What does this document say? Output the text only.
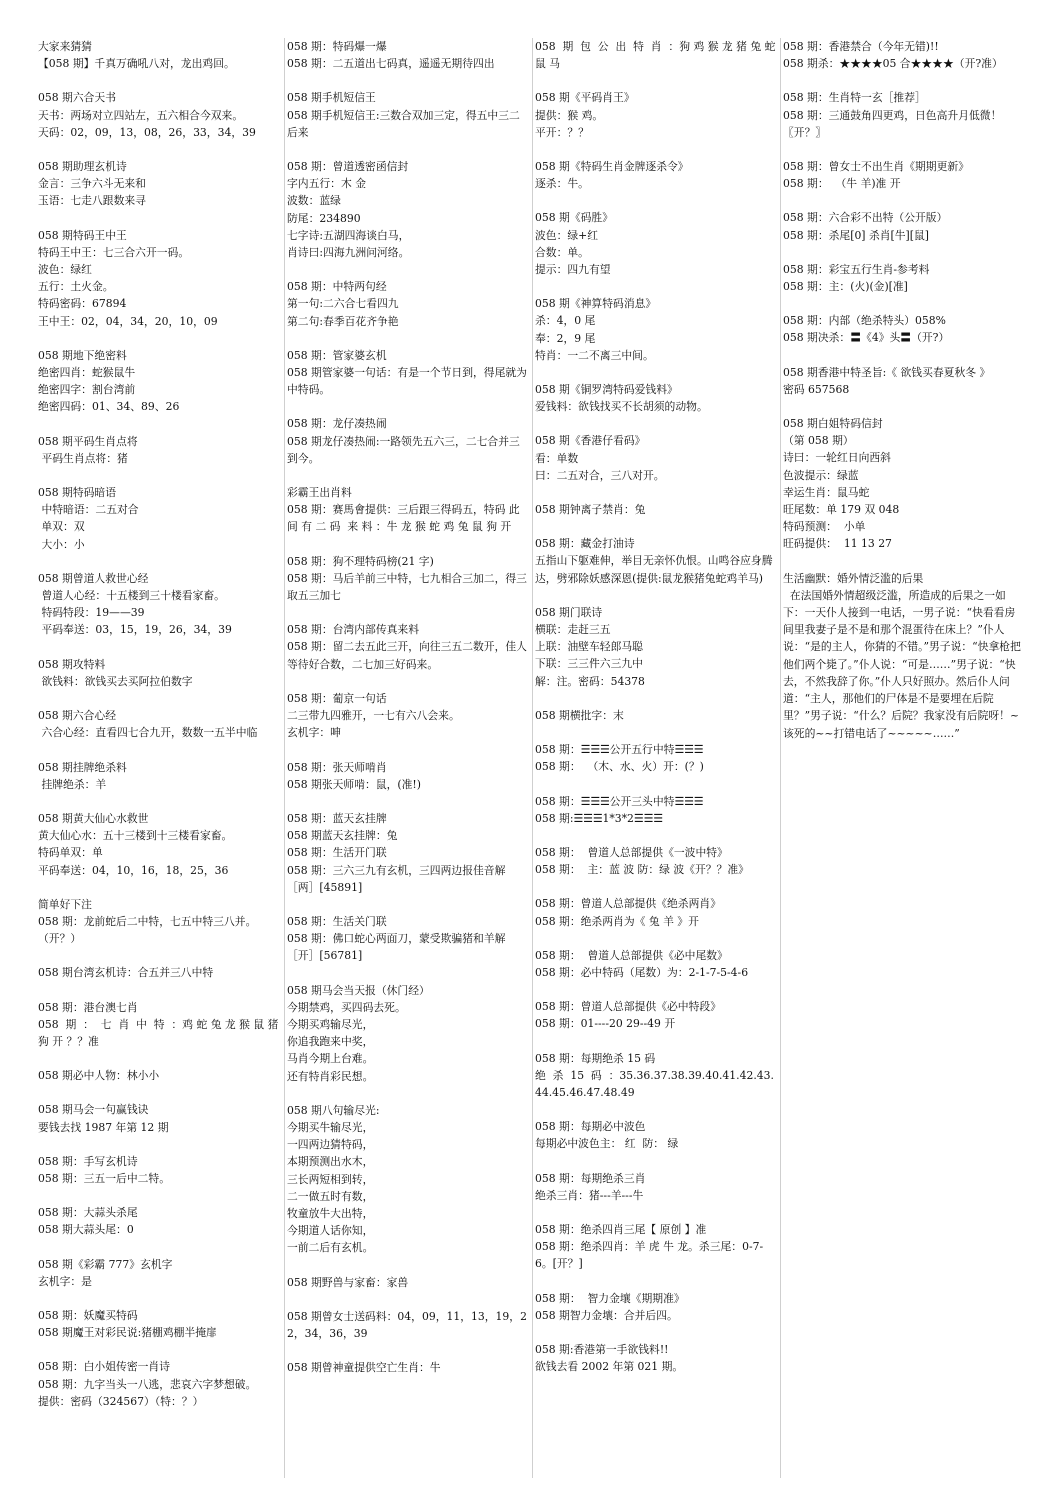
大家来猜猜
【058 期】千真万确吼八对，龙出鸡回。
058 期六合天书
天书：两场对立四站左，五六相合今双来。
天码：02，09，13，08，26，33，34，39
058 期助理玄机诗
金言：三争六斗无来和
玉语：七走八跟数来寻
058 期特码王中王
特码王中王：七三合六开一码。
波色：绿红
五行：土火金。
特码密码：67894
王中王：02，04，34，20，10，09
058 期地下绝密料
绝密四肖：蛇猴鼠牛
绝密四字：割台湾前
绝密四码：01、34、89、26
058 期平码生肖点将
平码生肖点将：猪
058 期特码暗语
中特暗语：二五对合
单双：双
大小：小
058 期曾道人救世心经
曾道人心经：十五楼到三十楼看家畜。
特码特段：19——39
平码奉送：03，15，19，26，34，39
058 期攻特料
欲钱料：欲钱买去买阿拉伯数字
058 期六合心经
六合心经：直看四七合九开，数数一五半中临
058 期挂牌绝杀料
挂牌绝杀：羊
058 期黄大仙心水救世
黄大仙心水：五十三楼到十三楼看家畜。
特码单双：单
平码奉送：04，10，16，18，25，36
简单好下注
058 期：龙前蛇后二中特，七五中特三八并。（开？）
058 期台湾玄机诗：合五并三八中特
058 期：港台澳七肖
058  期  ：  七  肖  中  特  ：鸡 蛇 兔 龙 猴 鼠 猪 狗 开 ？？准
058 期必中人物：林小小
058 期马会一句赢钱诀
要钱去找 1987 年第 12 期
058 期：手写玄机诗
058 期：三五一后中二特。
058 期：大蒜头杀尾
058 期大蒜头尾：0
058 期《彩霸 777》玄机字
玄机字：是
058 期：妖魔买特码
058 期魔王对彩民说:猪棚鸡棚半掩扉
058 期：白小姐传密一肖诗
058 期：九字当头一八逃，悲哀六字梦想破。
提供：密码（324567）（特：？）
058 期：特码爆一爆
058 期：二五道出七码真，遥遥无期待四出
058 期手机短信王
058 期手机短信王:三数合双加三定，得五中三二后来
058 期：曾道透密函信封
字内五行：木 金
波数：蓝绿
防尾：234890
七字诗:五湖四海谈白马，
肖诗曰:四海九洲问河络。
058 期：中特两句经
第一句:二六合七看四九
第二句:春季百花齐争艳
058 期：管家婆玄机
058 期管家婆一句话：有是一个节日到，得尾就为中特码。
058 期：龙仔凑热闹
058 期龙仔凑热闹:一路领先五六三，二七合并三到今。
彩霸王出肖料
058 期：赛馬會提供：三后跟三得码五，特码 此 间 有 二 码  来 料 ：牛 龙 猴 蛇 鸡 兔 鼠 狗 开
058 期：狗不理特码榜(21 字)
058 期：马后羊前三中特，七九相合三加二，得三取五三加七
058 期：台湾内部传真来料
058 期：留二去五此三开，向往三五二数开，佳人等待好合数，二七加三好码来。
058 期：葡京一句话
二三带九四雅开，一七有六八会来。
玄机字：呻
058 期：张天师啃肖
058 期张天师啃：鼠，(准!)
058 期：蓝天玄挂牌
058 期蓝天玄挂牌：兔
058 期：生活开门联
058 期：三六三九有玄机，三四两边报佳音解［两］[45891]
058 期：生活关门联
058 期：佛口蛇心两面刀，蒙受欺骗猪和羊解［开］[56781]
058 期马会当天报（休门经）
今期禁鸡，买四码去死。
今期买鸡输尽光，
你追我跑来中奖，
马肖今期上台难。
还有特肖彩民想。
058 期八句输尽光:
今期买牛输尽光，
一四两边猜特码，
本期预测出水木，
三长两短相到转，
二一做五时有数，
牧童放牛大出特，
今期道人话你知，
一前二后有玄机。
058 期野兽与家畜：家兽
058 期曾女士送码料：04，09，11，13，19，22，34，36，39
058 期曾神童提供空亡生肖：牛
058  期  包  公  出  特  肖  ：狗 鸡 猴 龙 猪 兔 蛇 鼠 马
058 期《平码肖王》
提供：猴 鸡。
平开：？？
058 期《特码生肖金牌逐杀令》
逐杀：牛。
058 期《码胜》
波色：绿+红
合数：单。
提示：四九有望
058 期《神算特码消息》
杀：4，0 尾
奉：2，9 尾
特肖：一二不离三中间。
058 期《铜罗湾特码爱钱料》
爱钱料：欲钱找买不长胡须的动物。
058 期《香港仔看码》
看：单数
曰：二五对合，三八对开。
058 期钟离子禁肖：兔
058 期：藏金打油诗
五指山下躯难伸，举目无亲怀仇恨。山鸣谷应身腾达，劈邪除妖感深恩(提供:鼠龙猴猪兔蛇鸡羊马)
058 期门联诗
横联：走赶三五
上联：油壁车轻郎马聪
下联：三三件六三九中
解：注。密码：54378
058 期横批字：末
058 期：☰☰☰公开五行中特☰☰☰
058 期：  （木、水、火）开：(？)
058 期：☰☰☰公开三头中特☰☰☰
058 期:☰☰☰1*3*2☰☰☰
058 期：  曾道人总部提供《一波中特》
058 期：  主：蓝 波 防：绿 波《开？？准》
058 期：曾道人总部提供《绝杀两肖》
058 期：绝杀两肖为《 兔 羊 》开
058 期：  曾道人总部提供《必中尾数》
058 期：必中特码（尾数）为：2-1-7-5-4-6
058 期：曾道人总部提供《必中特段》
058 期：01----20 29--49 开
058 期：每期绝杀 15 码
绝  杀  15  码  ：35.36.37.38.39.40.41.42.43.44.45.46.47.48.49
058 期：每期必中波色
每期必中波色主： 红  防： 绿
058 期：每期绝杀三肖
绝杀三肖：猪---羊---牛
058 期：绝杀四肖三尾【 原创 】准
058 期：绝杀四肖：羊 虎 牛 龙。杀三尾：0-7-6。[开？]
058 期：  智力金壤《期期准》
058 期智力金壤：合并后四。
058 期:香港第一手欲钱料!!
欲钱去看 2002 年第 021 期。
058 期：香港禁合（今年无错)!!
058 期杀：★★★★05 合★★★★（开?准）
058 期：生肖特一玄［推荐］
058 期：三通鼓角四更鸡，日色高升月低微！〖开？〗
058 期：曾女士不出生肖《期期更新》
058 期：  （牛 羊)准 开
058 期：六合彩不出特（公开版）
058 期：杀尾[0] 杀肖[牛][鼠]
058 期：彩宝五行生肖-参考料
058 期：主：(火)(金)[准]
058 期：内部（绝杀特头）058%
058 期决杀：〓《4》头〓（开?）
058 期香港中特圣旨:《 欲钱买春夏秋冬 》
密码 657568
058 期白姐特码信封
（第 058 期）
诗曰：一轮红日向西斜
色波提示：绿蓝
幸运生肖：鼠马蛇
旺尾数：单 179 双 048
特码预测：  小单
旺码提供：  11 13 27
生活幽默：婚外情泛滥的后果
在法国婚外情超级泛滥，所造成的后果之一如下：一天仆人接到一电话，一男子说：“快看看房间里我妻子是不是和那个混蛋待在床上？”仆人说：“是的主人，你猜的不错。”男子说：“快拿枪把他们两个毙了。”仆人说：“可是……”男子说：“快去，不然我辞了你。”仆人只好照办。然后仆人问道：“主人，那他们的尸体是不是要埋在后院里？”男子说：“什么？后院？我家没有后院呀！~该死的~~打错电话了~~~~~……”
